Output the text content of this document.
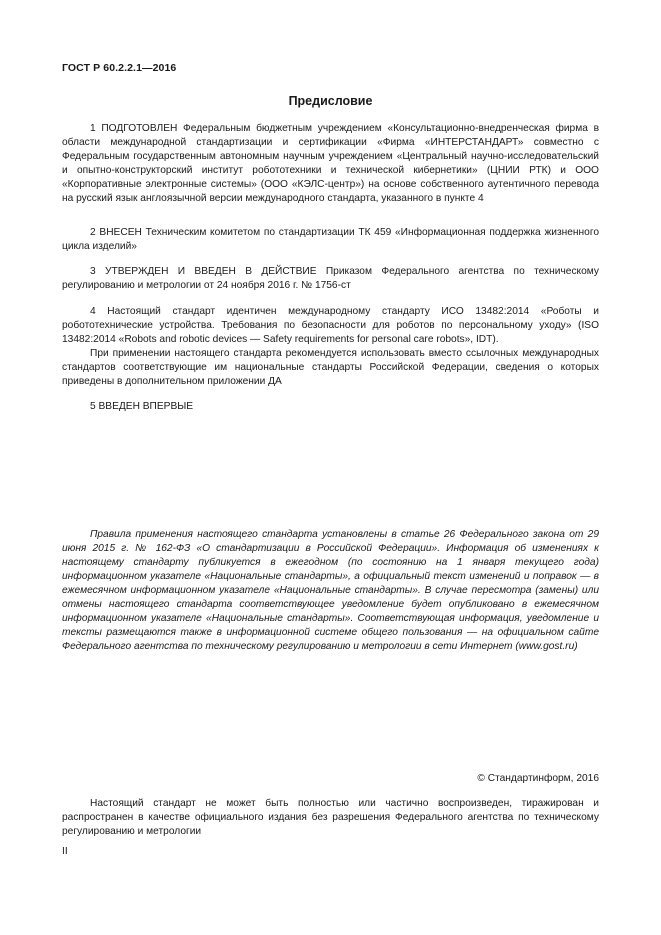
ГОСТ Р 60.2.2.1—2016
Предисловие

1 ПОДГОТОВЛЕН Федеральным бюджетным учреждением «Консультационно-внедренческая фирма в области международной стандартизации и сертификации «Фирма «ИНТЕРСТАНДАРТ» совместно с Федеральным государственным автономным научным учреждением «Центральный научно-исследовательский и опытно-конструкторский институт робототехники и технической кибернетики» (ЦНИИ РТК) и ООО «Корпоративные электронные системы» (ООО «КЭЛС-центр») на основе собственного аутентичного перевода на русский язык англоязычной версии международного стандарта, указанного в пункте 4

2 ВНЕСЕН Техническим комитетом по стандартизации ТК 459 «Информационная поддержка жизненного цикла изделий»

3 УТВЕРЖДЕН И ВВЕДЕН В ДЕЙСТВИЕ Приказом Федерального агентства по техническому регулированию и метрологии от 24 ноября 2016 г. № 1756-ст

4 Настоящий стандарт идентичен международному стандарту ИСО 13482:2014 «Роботы и робототехнические устройства. Требования по безопасности для роботов по персональному уходу» (ISO 13482:2014 «Robots and robotic devices — Safety requirements for personal care robots», IDT).

При применении настоящего стандарта рекомендуется использовать вместо ссылочных международных стандартов соответствующие им национальные стандарты Российской Федерации, сведения о которых приведены в дополнительном приложении ДА

5 ВВЕДЕН ВПЕРВЫЕ

Правила применения настоящего стандарта установлены в статье 26 Федерального закона от 29 июня 2015 г. № 162-ФЗ «О стандартизации в Российской Федерации». Информация об изменениях к настоящему стандарту публикуется в ежегодном (по состоянию на 1 января текущего года) информационном указателе «Национальные стандарты», а официальный текст изменений и поправок — в ежемесячном информационном указателе «Национальные стандарты». В случае пересмотра (замены) или отмены настоящего стандарта соответствующее уведомление будет опубликовано в ежемесячном информационном указателе «Национальные стандарты». Соответствующая информация, уведомление и тексты размещаются также в информационной системе общего пользования — на официальном сайте Федерального агентства по техническому регулированию и метрологии в сети Интернет (www.gost.ru)

© Стандартинформ, 2016

Настоящий стандарт не может быть полностью или частично воспроизведен, тиражирован и распространен в качестве официального издания без разрешения Федерального агентства по техническому регулированию и метрологии

II
